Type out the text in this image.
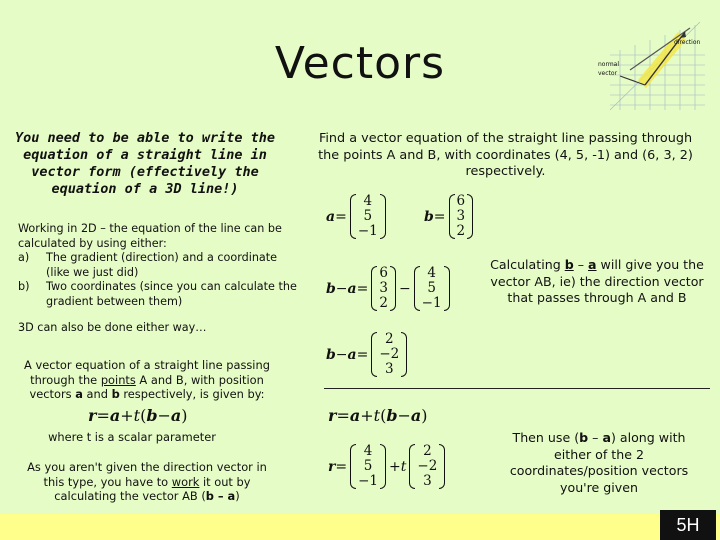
Vectors	direction
normal
vector
You need to be able to write the equation of a straight line in vector form (effectively the equation of a 3D line!)
Working in 2D – the equation of the line can be calculated by using either:
a)	The gradient (direction) and a coordinate (like we just did)
b)	Two coordinates (since you can calculate the gradient between them)
3D can also be done either way…
A vector equation of a straight line passing through the points A and B, with position vectors a and b respectively, is given by:
r = a + t ( b − a )
where t is a scalar parameter
As you aren't given the direction vector in this type, you have to work it out by calculating the vector AB (b – a)
Find a vector equation of the straight line passing through the points A and B, with coordinates (4, 5, -1) and (6, 3, 2) respectively.
a =
4
5
−1
b =
6
3
2
b − a =
6
3
2
−
4
5
−1
Calculating b – a will give you the vector AB, ie) the direction vector that passes through A and B
b − a =
2
−2
3
r = a + t ( b − a )
r =
4
5
−1
+ t
2
−2
3
Then use (b – a) along with either of the 2 coordinates/position vectors you're given
5H
